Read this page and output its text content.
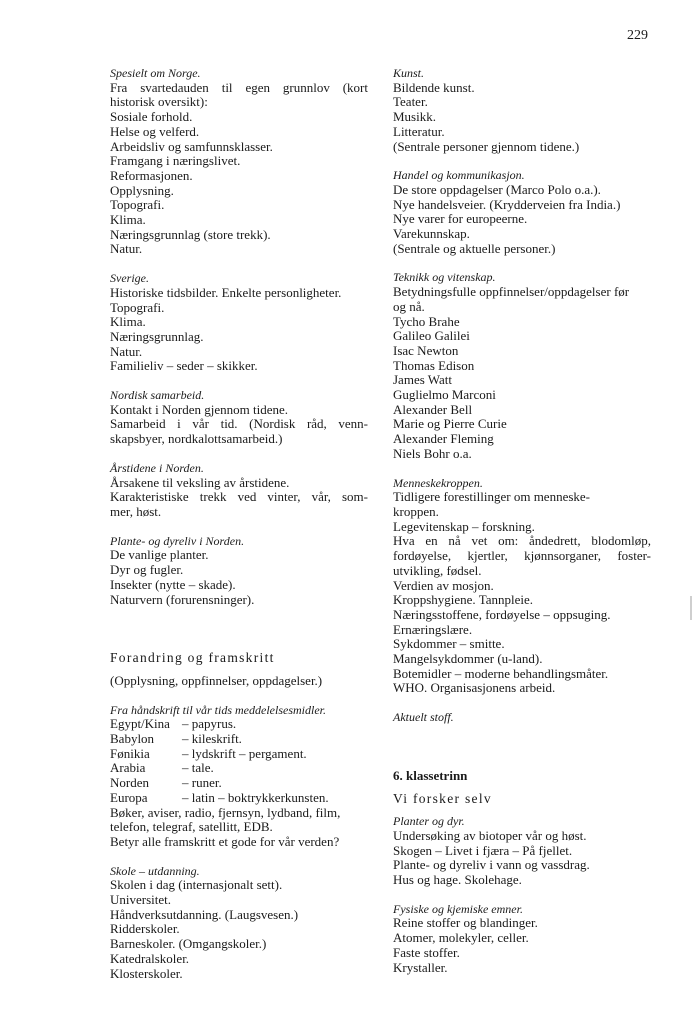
229
Spesielt om Norge.
Fra svartedauden til egen grunnlov (kort
historisk oversikt):
Sosiale forhold.
Helse og velferd.
Arbeidsliv og samfunnsklasser.
Framgang i næringslivet.
Reformasjonen.
Opplysning.
Topografi.
Klima.
Næringsgrunnlag (store trekk).
Natur.
Sverige.
Historiske tidsbilder. Enkelte personligheter.
Topografi.
Klima.
Næringsgrunnlag.
Natur.
Familieliv – seder – skikker.
Nordisk samarbeid.
Kontakt i Norden gjennom tidene.
Samarbeid i vår tid. (Nordisk råd, venn-
skapsbyer, nordkalottsamarbeid.)
Årstidene i Norden.
Årsakene til veksling av årstidene.
Karakteristiske trekk ved vinter, vår, som-
mer, høst.
Plante- og dyreliv i Norden.
De vanlige planter.
Dyr og fugler.
Insekter (nytte – skade).
Naturvern (forurensninger).
Forandring og framskritt
(Opplysning, oppfinnelser, oppdagelser.)
Fra håndskrift til vår tids meddelelsesmidler.
Egypt/Kina – papyrus.
Babylon	– kileskrift.
Fønikia	– lydskrift – pergament.
Arabia	– tale.
Norden	– runer.
Europa	– latin – boktrykkerkunsten.
Bøker, aviser, radio, fjernsyn, lydband, film,
telefon, telegraf, satellitt, EDB.
Betyr alle framskritt et gode for vår verden?
Skole – utdanning.
Skolen i dag (internasjonalt sett).
Universitet.
Håndverksutdanning. (Laugsvesen.)
Ridderskoler.
Barneskoler. (Omgangskoler.)
Katedralskoler.
Klosterskoler.
Kunst.
Bildende kunst.
Teater.
Musikk.
Litteratur.
(Sentrale personer gjennom tidene.)
Handel og kommunikasjon.
De store oppdagelser (Marco Polo o.a.).
Nye handelsveier. (Krydderveien fra India.)
Nye varer for europeerne.
Varekunnskap.
(Sentrale og aktuelle personer.)
Teknikk og vitenskap.
Betydningsfulle oppfinnelser/oppdagelser før
og nå.
Tycho Brahe
Galileo Galilei
Isac Newton
Thomas Edison
James Watt
Guglielmo Marconi
Alexander Bell
Marie og Pierre Curie
Alexander Fleming
Niels Bohr o.a.
Menneskekroppen.
Tidligere forestillinger om menneske-
kroppen.
Legevitenskap – forskning.
Hva en nå vet om: åndedrett, blodomløp,
fordøyelse, kjertler, kjønnsorganer, foster-
utvikling, fødsel.
Verdien av mosjon.
Kroppshygiene. Tannpleie.
Næringsstoffene, fordøyelse – oppsuging.
Ernæringslære.
Sykdommer – smitte.
Mangelsykdommer (u-land).
Botemidler – moderne behandlingsmåter.
WHO. Organisasjonens arbeid.
Aktuelt stoff.
6. klassetrinn
Vi forsker selv
Planter og dyr.
Undersøking av biotoper vår og høst.
Skogen – Livet i fjæra – På fjellet.
Plante- og dyreliv i vann og vassdrag.
Hus og hage. Skolehage.
Fysiske og kjemiske emner.
Reine stoffer og blandinger.
Atomer, molekyler, celler.
Faste stoffer.
Krystaller.
